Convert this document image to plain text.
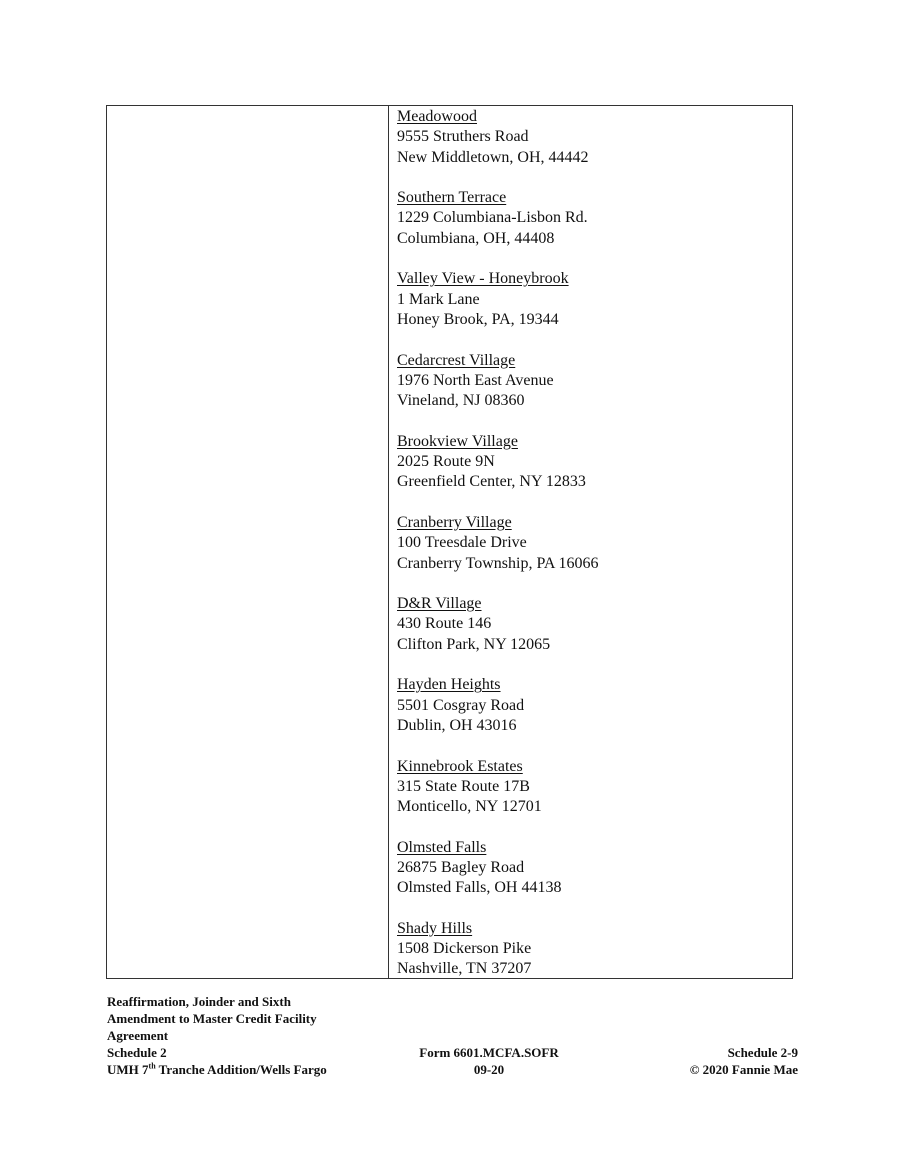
Meadowood
9555 Struthers Road
New Middletown, OH, 44442
Southern Terrace
1229 Columbiana-Lisbon Rd.
Columbiana, OH, 44408
Valley View - Honeybrook
1 Mark Lane
Honey Brook, PA, 19344
Cedarcrest Village
1976 North East Avenue
Vineland, NJ 08360
Brookview Village
2025 Route 9N
Greenfield Center, NY 12833
Cranberry Village
100 Treesdale Drive
Cranberry Township, PA 16066
D&R Village
430 Route 146
Clifton Park, NY 12065
Hayden Heights
5501 Cosgray Road
Dublin, OH 43016
Kinnebrook Estates
315 State Route 17B
Monticello, NY 12701
Olmsted Falls
26875 Bagley Road
Olmsted Falls, OH 44138
Shady Hills
1508 Dickerson Pike
Nashville, TN 37207
Reaffirmation, Joinder and Sixth
Amendment to Master Credit Facility
Agreement
Schedule 2
UMH 7th Tranche Addition/Wells Fargo
Form 6601.MCFA.SOFR
09-20
Schedule 2-9
© 2020 Fannie Mae
